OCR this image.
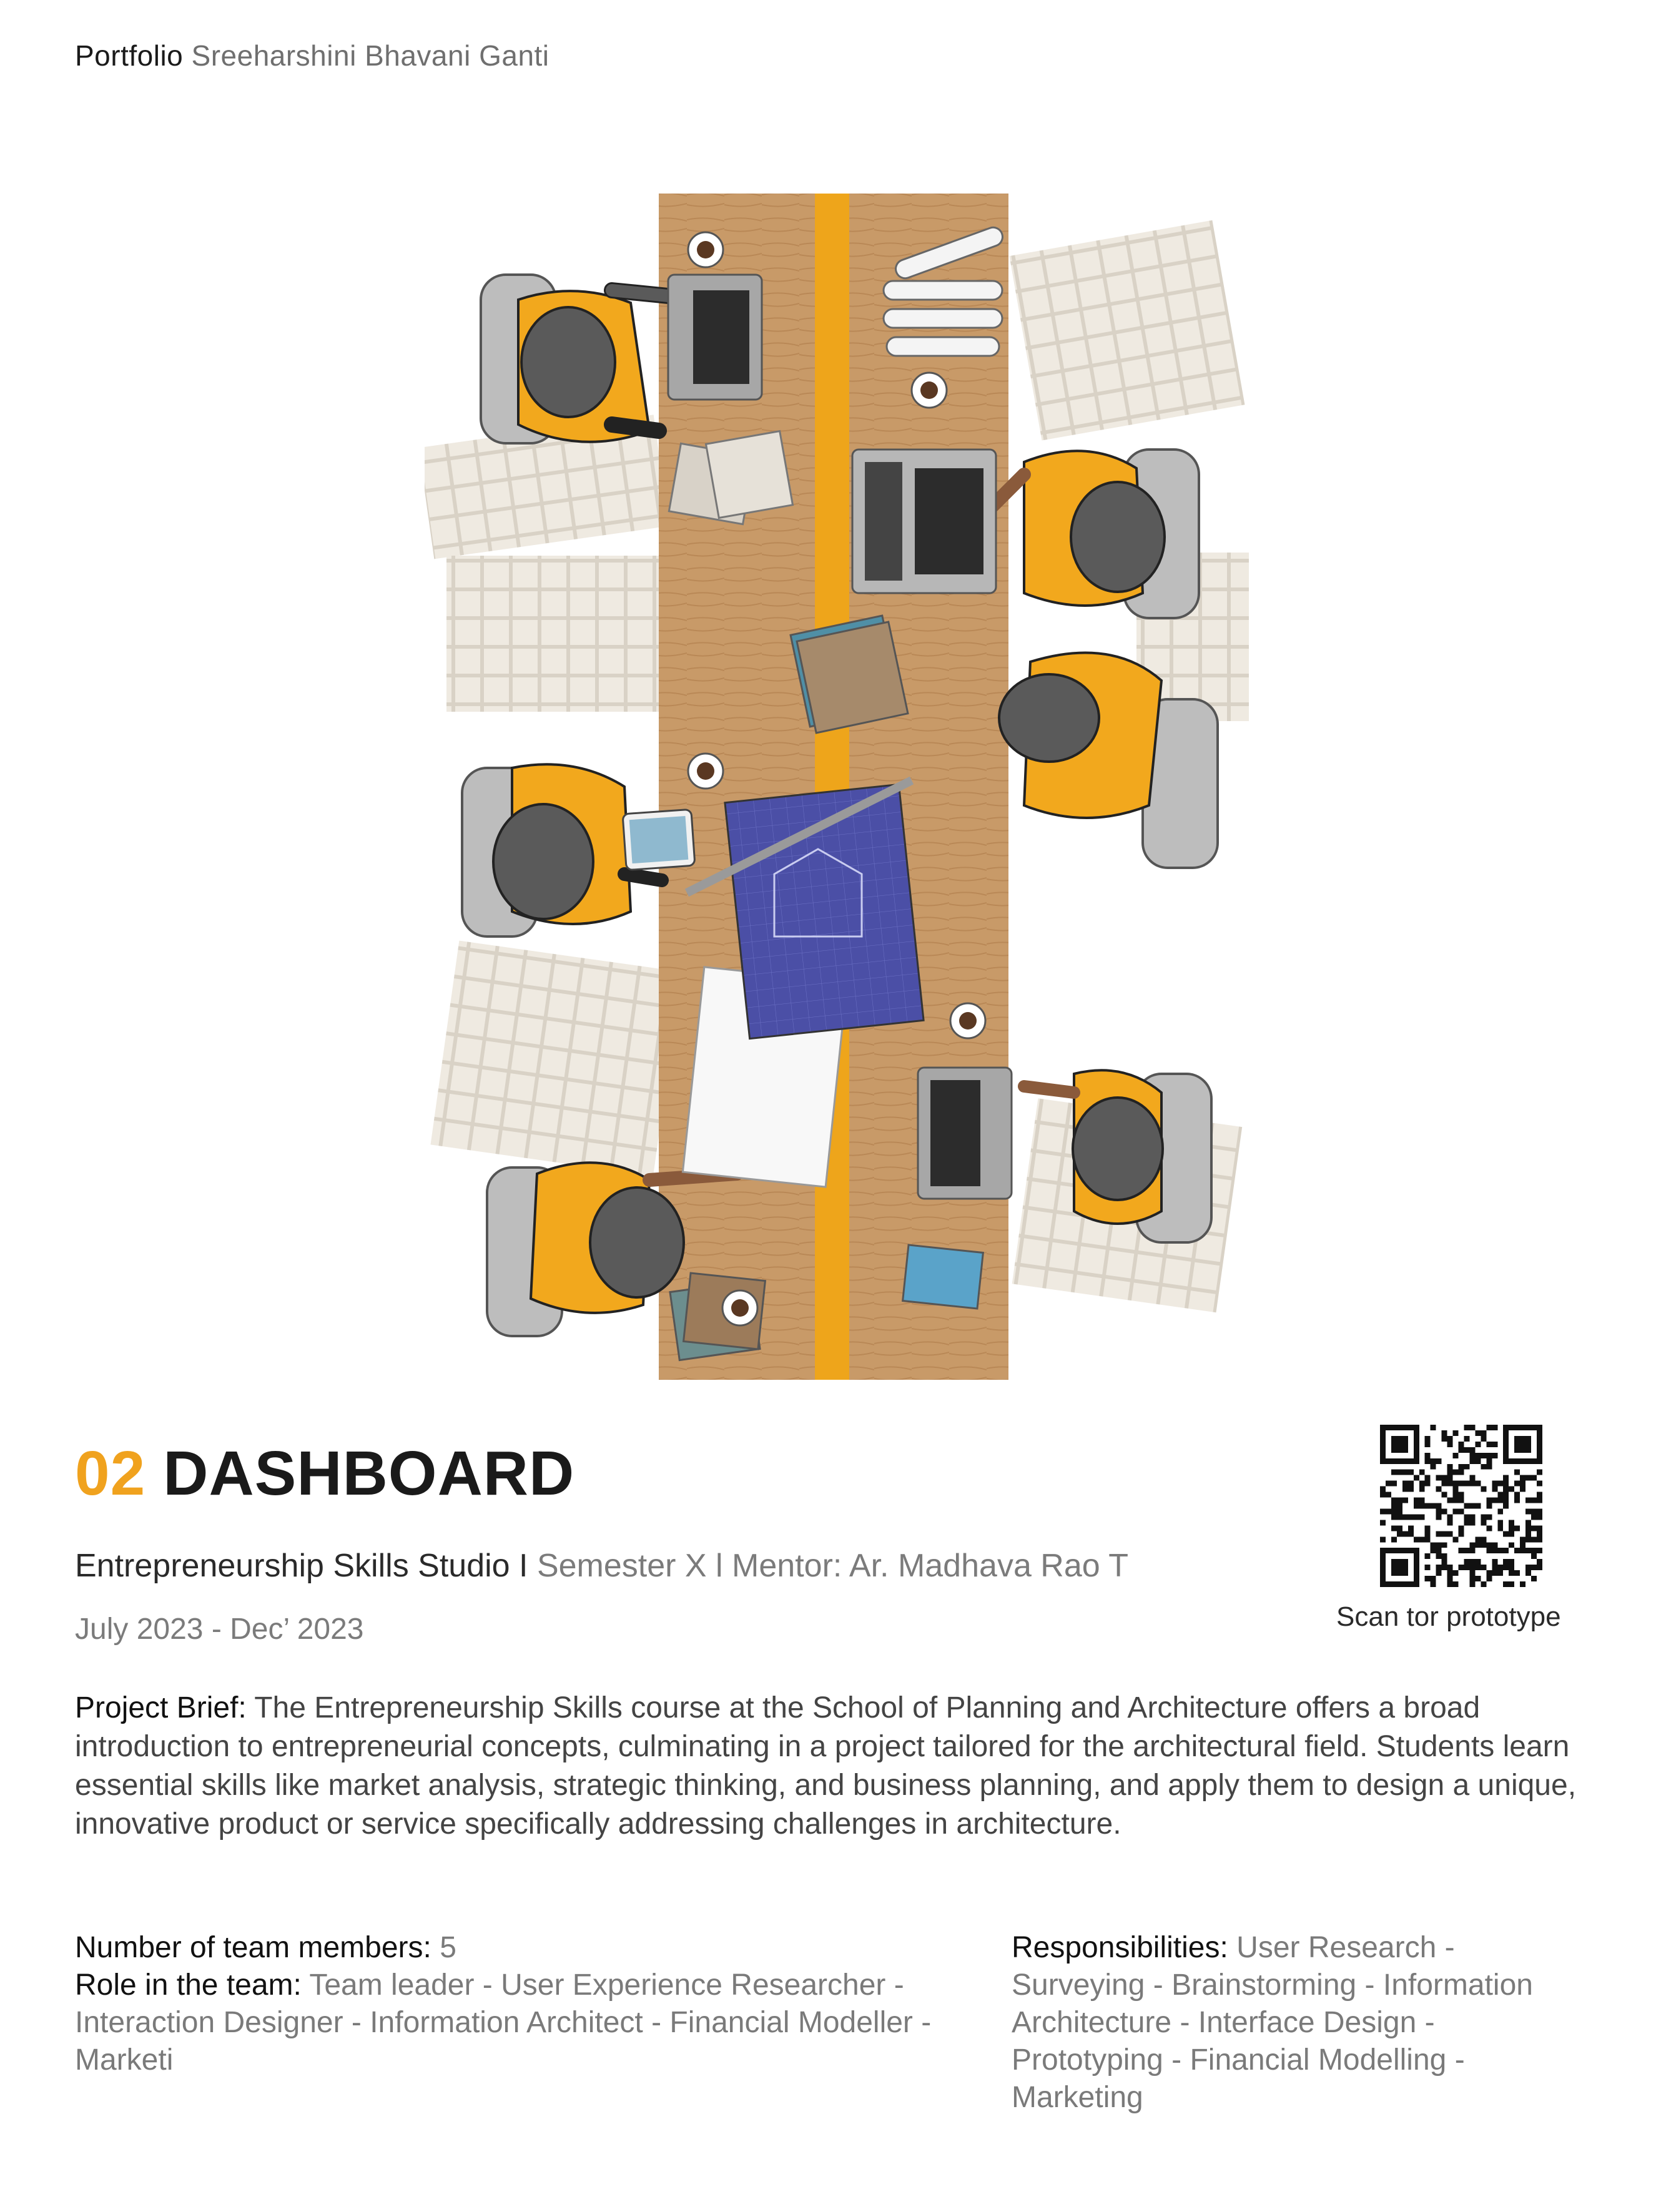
Portfolio Sreeharshini Bhavani Ganti
02 DASHBOARD
Entrepreneurship Skills Studio I Semester X l Mentor: Ar. Madhava Rao T
July 2023 - Dec’ 2023	Scan tor prototype
Project Brief: The Entrepreneurship Skills course at the School of Planning and Architecture offers a broad introduction to entrepreneurial concepts, culminating in a project tailored for the architectural field. Students learn essential skills like market analysis, strategic thinking, and business planning, and apply them to design a unique, innovative product or service specifically addressing challenges in architecture.
Number of team members: 5
Role in the team: Team leader - User Experience Researcher - Interaction Designer - Information Architect - Financial Modeller - Marketi
Responsibilities: User Research - Surveying - Brainstorming - Information Architecture - Interface Design - Prototyping - Financial Modelling - Marketing
